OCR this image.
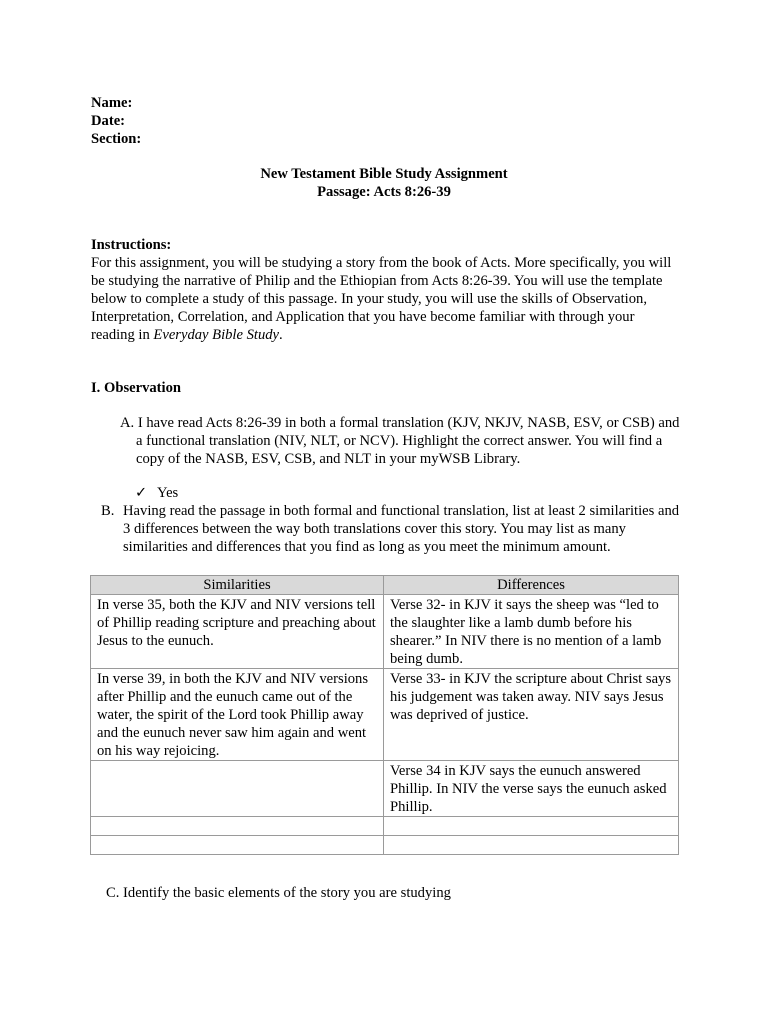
Name:
Date:
Section:
New Testament Bible Study Assignment
Passage: Acts 8:26-39
Instructions:
For this assignment, you will be studying a story from the book of Acts. More specifically, you will be studying the narrative of Philip and the Ethiopian from Acts 8:26-39. You will use the template below to complete a study of this passage. In your study, you will use the skills of Observation, Interpretation, Correlation, and Application that you have become familiar with through your reading in Everyday Bible Study.
I. Observation
A. I have read Acts 8:26-39 in both a formal translation (KJV, NKJV, NASB, ESV, or CSB) and a functional translation (NIV, NLT, or NCV). Highlight the correct answer. You will find a copy of the NASB, ESV, CSB, and NLT in your myWSB Library.
✓ Yes
B. Having read the passage in both formal and functional translation, list at least 2 similarities and 3 differences between the way both translations cover this story. You may list as many similarities and differences that you find as long as you meet the minimum amount.
Similarities	Differences
In verse 35, both the KJV and NIV versions tell of Phillip reading scripture and preaching about Jesus to the eunuch.	Verse 32- in KJV it says the sheep was “led to the slaughter like a lamb dumb before his shearer.” In NIV there is no mention of a lamb being dumb.
In verse 39, in both the KJV and NIV versions after Phillip and the eunuch came out of the water, the spirit of the Lord took Phillip away and the eunuch never saw him again and went on his way rejoicing.	Verse 33- in KJV the scripture about Christ says his judgement was taken away. NIV says Jesus was deprived of justice.
	Verse 34 in KJV says the eunuch answered Phillip. In NIV the verse says the eunuch asked Phillip.

C. Identify the basic elements of the story you are studying
